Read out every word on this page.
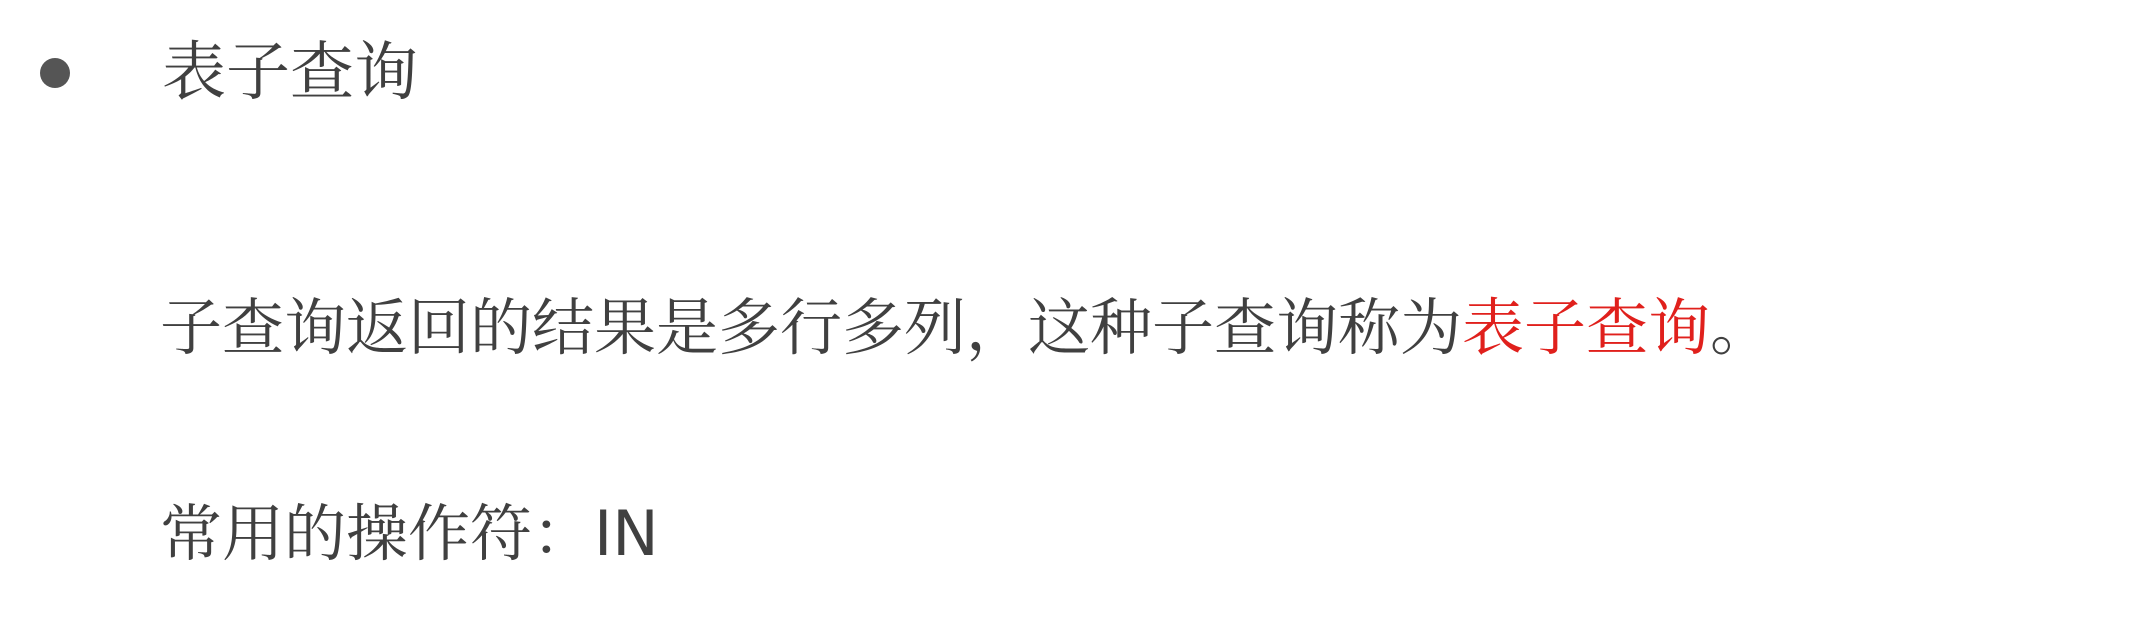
表子查询
子查询返回的结果是多行多列，这种子查询称为表子查询。
常用的操作符：IN
